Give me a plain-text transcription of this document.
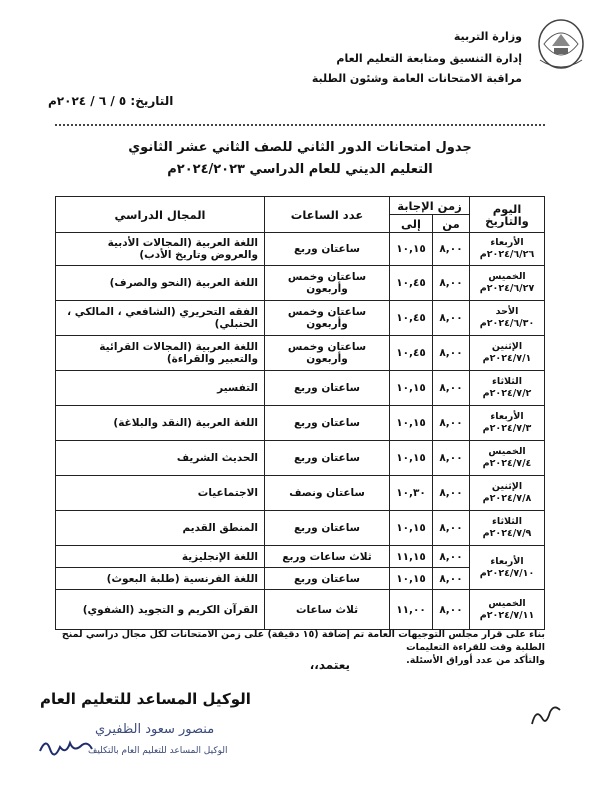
وزارة التربية
إدارة التنسيق ومتابعة التعليم العام
مراقبة الامتحانات العامة وشئون الطلبة
التاريخ: ٥ / ٦ / ٢٠٢٤م
جدول امتحانات الدور الثاني للصف الثاني عشر الثانوي
التعليم الديني للعام الدراسي ٢٠٢٤/٢٠٢٣م
اليوم والتاريخ	زمن الإجابة		عدد الساعات	المجال الدراسي
	من	إلى		
الأربعاء
٢٠٢٤/٦/٢٦م	٨,٠٠	١٠,١٥	ساعتان وربع	اللغة العربية (المجالات الأدبية والعروض وتاريخ الأدب)
الخميس
٢٠٢٤/٦/٢٧م	٨,٠٠	١٠,٤٥	ساعتان وخمس وأربعون	اللغة العربية (النحو والصرف)
الأحد
٢٠٢٤/٦/٣٠م	٨,٠٠	١٠,٤٥	ساعتان وخمس وأربعون	الفقه التحريري (الشافعي ، المالكي ، الحنبلي)
الإثنين
٢٠٢٤/٧/١م	٨,٠٠	١٠,٤٥	ساعتان وخمس وأربعون	اللغة العربية (المجالات القرائية والتعبير والقراءة)
الثلاثاء
٢٠٢٤/٧/٢م	٨,٠٠	١٠,١٥	ساعتان وربع	التفسير
الأربعاء
٢٠٢٤/٧/٣م	٨,٠٠	١٠,١٥	ساعتان وربع	اللغة العربية (النقد والبلاغة)
الخميس
٢٠٢٤/٧/٤م	٨,٠٠	١٠,١٥	ساعتان وربع	الحديث الشريف
الإثنين
٢٠٢٤/٧/٨م	٨,٠٠	١٠,٣٠	ساعتان ونصف	الاجتماعيات
الثلاثاء
٢٠٢٤/٧/٩م	٨,٠٠	١٠,١٥	ساعتان وربع	المنطق القديم
الأربعاء
٢٠٢٤/٧/١٠م	٨,٠٠	١١,١٥	ثلاث ساعات وربع	اللغة الإنجليزية
	٨,٠٠	١٠,١٥	ساعتان وربع	اللغة الفرنسية (طلبة البعوث)
الخميس
٢٠٢٤/٧/١١م	٨,٠٠	١١,٠٠	ثلاث ساعات	القرآن الكريم و التجويد (الشفوي)
بناء على قرار مجلس التوجيهات العامة تم إضافة (١٥ دقيقة) على زمن الامتحانات لكل مجال دراسي لمنح الطلبة وقت للقراءة التعليمات
والتأكد من عدد أوراق الأسئلة.
يعتمد،،
الوكيل المساعد للتعليم العام
منصور سعود الظفيري
الوكيل المساعد للتعليم العام بالتكليف
